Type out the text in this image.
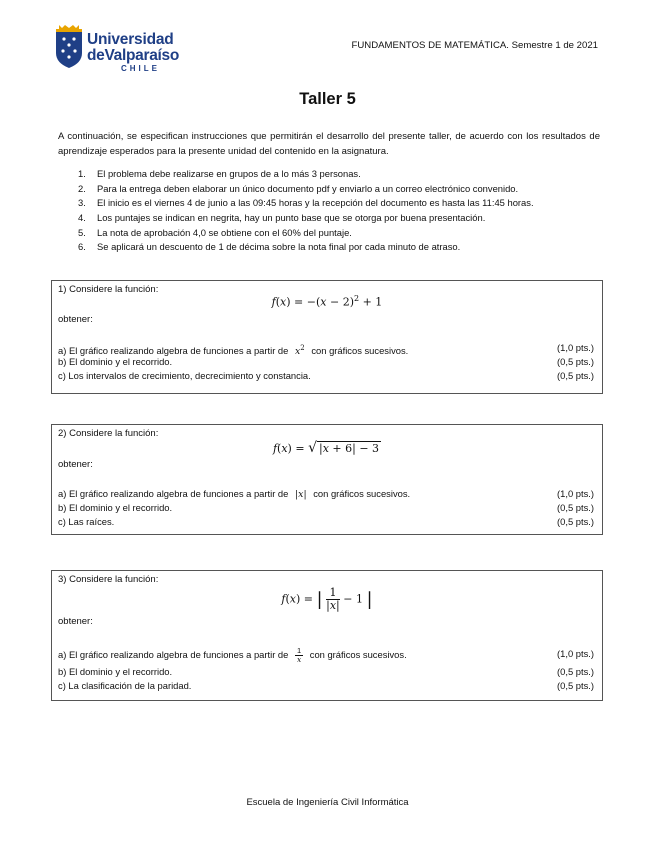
Universidad
deValparaíso
CHILE
FUNDAMENTOS DE MATEMÁTICA. Semestre 1 de 2021
Taller 5
A continuación, se especifican instrucciones que permitirán el desarrollo del presente taller, de acuerdo con los resultados de aprendizaje esperados para la presente unidad del contenido en la asignatura.
1. El problema debe realizarse en grupos de a lo más 3 personas.
2. Para la entrega deben elaborar un único documento pdf y enviarlo a un correo electrónico convenido.
3. El inicio es el viernes 4 de junio a las 09:45 horas y la recepción del documento es hasta las 11:45 horas.
4. Los puntajes se indican en negrita, hay un punto base que se otorga por buena presentación.
5. La nota de aprobación 4,0 se obtiene con el 60% del puntaje.
6. Se aplicará un descuento de 1 de décima sobre la nota final por cada minuto de atraso.
1) Considere la función:
$f(x) = -(x - 2)^2 + 1$
obtener:
a) El gráfico realizando algebra de funciones a partir de $x^2$ con gráficos sucesivos.	(1,0 pts.)
b) El dominio y el recorrido.	(0,5 pts.)
c) Los intervalos de crecimiento, decrecimiento y constancia.	(0,5 pts.)
2) Considere la función:
f(x) = √ |x + 6| − 3
obtener:
a) El gráfico realizando algebra de funciones a partir de |x| con gráficos sucesivos.	(1,0 pts.)
b) El dominio y el recorrido.	(0,5 pts.)
c) Las raíces.	(0,5 pts.)
3) Considere la función:
f(x) = | $\frac{1}{|x|} - 1$ |
obtener:
a) El gráfico realizando algebra de funciones a partir de $\frac{1}{x}$ con gráficos sucesivos.	(1,0 pts.)
b) El dominio y el recorrido.	(0,5 pts.)
c) La clasificación de la paridad.	(0,5 pts.)
Escuela de Ingeniería Civil Informática
